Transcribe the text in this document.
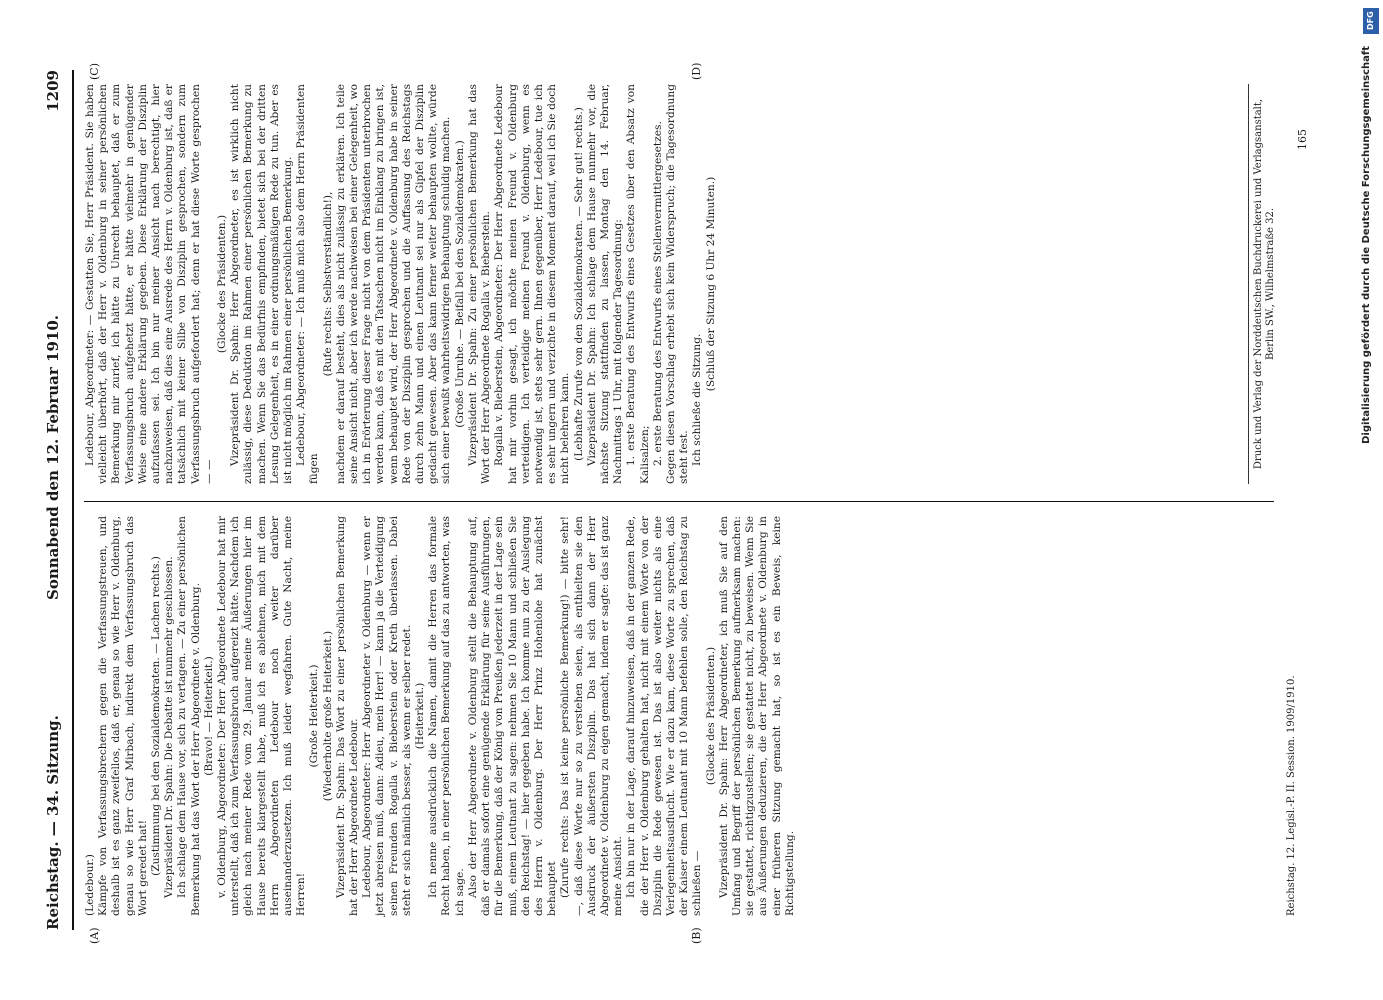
Reichstag. — 34. Sitzung.
Sonnabend den 12. Februar 1910.
1209
(A)	(B)
(C)	(D)

(Ledebour.) Kämpfe von Verfassungsbrechern gegen die Verfassungstreuen, und deshalb ist es ganz zweifellos, daß er, genau so wie Herr v. Oldenburg, genau so wie Herr Graf Mirbach, indirekt dem Verfassungsbruch das Wort geredet hat! (Zustimmung bei den Sozialdemokraten. — Lachen rechts.) Vizepräsident Dr. Spahn: Die Debatte ist nunmehr geschlossen. Ich schlage dem Hause vor, sich zu vertagen. — Zu einer persönlichen Bemerkung hat das Wort der Herr Abgeordnete v. Oldenburg. (Bravo! — Heiterkeit.) v. Oldenburg, Abgeordneter: Der Herr Abgeordnete Ledebour hat mir unterstellt, daß ich zum Verfassungsbruch aufgereizt hätte. Nachdem ich gleich nach meiner Rede vom 29. Januar meine Äußerungen hier im Hause bereits klargestellt habe, muß ich es ablehnen, mich mit dem Herrn Abgeordneten Ledebour noch weiter darüber auseinanderzusetzen. Ich muß leider wegfahren. Gute Nacht, meine Herren!

(Große Heiterkeit.) (Wiederholte große Heiterkeit.) Vizepräsident Dr. Spahn: Das Wort zu einer persönlichen Bemerkung hat der Herr Abgeordnete Ledebour. Ledebour, Abgeordneter: Herr Abgeordneter v. Oldenburg — wenn er jetzt abreisen muß, dann: Adieu, mein Herr! — kann ja die Verteidigung seinen Freunden Rogalla v. Bieberstein oder Kreth überlassen. Dabei steht er sich nämlich besser, als wenn er selber redet. (Heiterkeit.) Ich nenne ausdrücklich die Namen, damit die Herren das formale Recht haben, in einer persönlichen Bemerkung auf das zu antworten, was ich sage. Also der Herr Abgeordnete v. Oldenburg stellt die Behauptung auf, daß er damals sofort eine genügende Erklärung für seine Ausführungen, für die Bemerkung, daß der König von Preußen jederzeit in der Lage sein muß, einem Leutnant zu sagen: nehmen Sie 10 Mann und schließen Sie den Reichstag! — hier gegeben habe. Ich komme nun zu der Auslegung des Herrn v. Oldenburg. Der Herr Prinz Hohenlohe hat zunächst behauptet (Zurufe rechts: Das ist keine persönliche Bemerkung!) — bitte sehr! —, daß diese Worte nur so zu verstehen seien, als enthielten sie den Ausdruck der äußersten Disziplin. Das hat sich dann der Herr Abgeordnete v. Oldenburg zu eigen gemacht, indem er sagte: das ist ganz meine Ansicht. Ich bin nur in der Lage, darauf hinzuweisen, daß in der ganzen Rede, die der Herr v. Oldenburg gehalten hat, nicht mit einem Worte von der Disziplin die Rede gewesen ist. Das ist also weiter nichts als eine Verlegenheitsausflucht. Wie er dazu kam, diese Worte zu sprechen, daß der Kaiser einem Leutnant mit 10 Mann befehlen solle, den Reichstag zu schließen —

(Glocke des Präsidenten.) Vizepräsident Dr. Spahn: Herr Abgeordneter, ich muß Sie auf den Umfang und Begriff der persönlichen Bemerkung aufmerksam machen: sie gestattet, richtigzustellen; sie gestattet nicht, zu beweisen. Wenn Sie aus Äußerungen deduzieren, die der Herr Abgeordnete v. Oldenburg in einer früheren Sitzung gemacht hat, so ist es ein Beweis, keine Richtigstellung.

Ledebour, Abgeordneter: — Gestatten Sie, Herr Präsident. Sie haben vielleicht überhört, daß der Herr v. Oldenburg in seiner persönlichen Bemerkung mir zurief, ich hätte zu Unrecht behauptet, daß er zum Verfassungsbruch aufgehetzt hätte, er hätte vielmehr in genügender Weise eine andere Erklärung gegeben. Diese Erklärung der Disziplin aufzufassen sei. Ich bin nur meiner Ansicht nach berechtigt, hier nachzuweisen, daß dies eine Ausrede des Herrn v. Oldenburg ist, daß er tatsächlich mit keiner Silbe von Disziplin gesprochen, sondern zum Verfassungsbruch aufgefordert hat; denn er hat diese Worte gesprochen — —

(Glocke des Präsidenten.) Vizepräsident Dr. Spahn: Herr Abgeordneter, es ist wirklich nicht zulässig, diese Deduktion im Rahmen einer persönlichen Bemerkung zu machen. Wenn Sie das Bedürfnis empfinden, bietet sich bei der dritten Lesung Gelegenheit, es in einer ordnungsmäßigen Rede zu tun. Aber es ist nicht möglich im Rahmen einer persönlichen Bemerkung. Ledebour, Abgeordneter: — Ich muß mich also dem Herrn Präsidenten fügen

(Rufe rechts: Selbstverständlich!), nachdem er darauf besteht, dies als nicht zulässig zu erklären. Ich teile seine Ansicht nicht, aber ich werde nachweisen bei einer Gelegenheit, wo ich in Erörterung dieser Frage nicht von dem Präsidenten unterbrochen werden kann, daß es mit den Tatsachen nicht im Einklang zu bringen ist, wenn behauptet wird, der Herr Abgeordnete v. Oldenburg habe in seiner Rede von der Disziplin gesprochen und die Auffassung des Reichstags durch zehn Mann und einen Leutnant sei nur als Gipfel der Disziplin gedacht gewesen. Aber das kann ferner weiter behaupten wollte, würde sich einer bewußt wahrheitswidrigen Behauptung schuldig machen. (Große Unruhe. — Beifall bei den Sozialdemokraten.) Vizepräsident Dr. Spahn: Zu einer persönlichen Bemerkung hat das Wort der Herr Abgeordnete Rogalla v. Bieberstein. Rogalla v. Bieberstein, Abgeordneter: Der Herr Abgeordnete Ledebour hat mir vorhin gesagt, ich möchte meinen Freund v. Oldenburg verteidigen. Ich verteidige meinen Freund v. Oldenburg, wenn es notwendig ist, stets sehr gern. Ihnen gegenüber, Herr Ledebour, tue ich es sehr ungern und verzichte in diesem Moment darauf, weil ich Sie doch nicht belehren kann. (Lebhafte Zurufe von den Sozialdemokraten. — Sehr gut! rechts.) Vizepräsident Dr. Spahn: Ich schlage dem Hause nunmehr vor, die nächste Sitzung stattfinden zu lassen, Montag den 14. Februar, Nachmittags 1 Uhr, mit folgender Tagesordnung: 1. erste Beratung des Entwurfs eines Gesetzes über den Absatz von Kalisalzen; 2. erste Beratung des Entwurfs eines Stellenvermittlergesetzes. Gegen diesen Vorschlag erhebt sich kein Widerspruch; die Tagesordnung steht fest. Ich schließe die Sitzung.

(Schluß der Sitzung 6 Uhr 24 Minuten.)

Reichstag. 12. Legisl.-P. II. Session. 1909/1910.
Druck und Verlag der Norddeutschen Buchdruckerei und Verlagsanstalt, Berlin SW., Wilhelmstraße 32.
165	Digitalisierung gefördert durch die Deutsche Forschungsgemeinschaft
DFG
